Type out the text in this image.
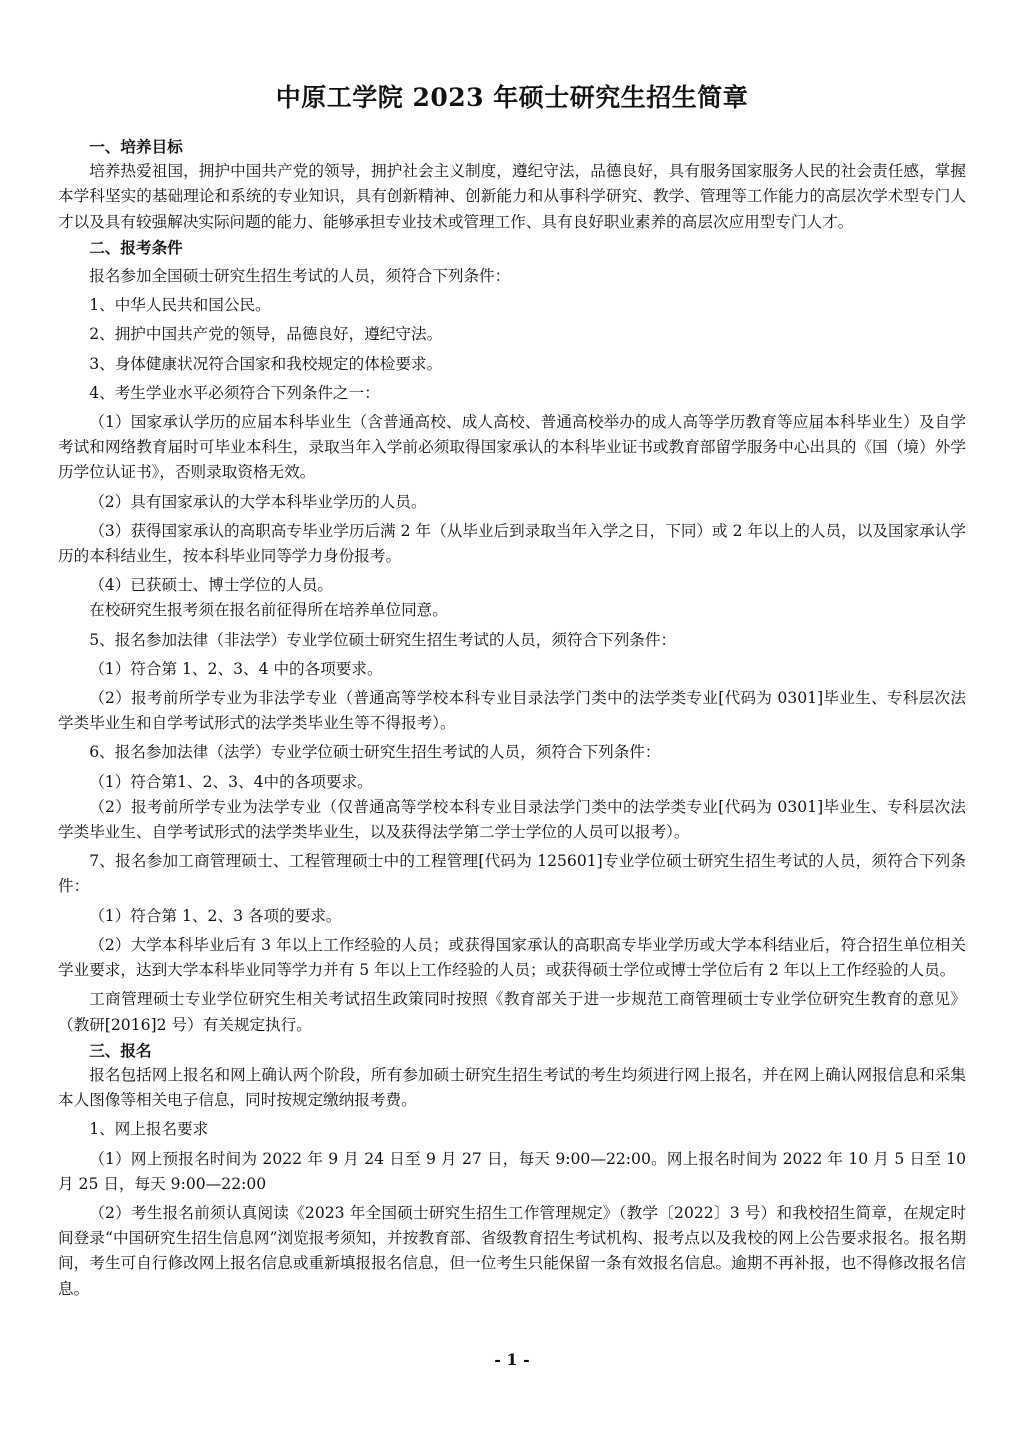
中原工学院 2023 年硕士研究生招生简章

一、培养目标

培养热爱祖国，拥护中国共产党的领导，拥护社会主义制度，遵纪守法，品德良好，具有服务国家服务人民的社会责任感，掌握本学科坚实的基础理论和系统的专业知识，具有创新精神、创新能力和从事科学研究、教学、管理等工作能力的高层次学术型专门人才以及具有较强解决实际问题的能力、能够承担专业技术或管理工作、具有良好职业素养的高层次应用型专门人才。

二、报考条件

报名参加全国硕士研究生招生考试的人员，须符合下列条件：

1、中华人民共和国公民。

2、拥护中国共产党的领导，品德良好，遵纪守法。

3、身体健康状况符合国家和我校规定的体检要求。

4、考生学业水平必须符合下列条件之一：

（1）国家承认学历的应届本科毕业生（含普通高校、成人高校、普通高校举办的成人高等学历教育等应届本科毕业生）及自学考试和网络教育届时可毕业本科生，录取当年入学前必须取得国家承认的本科毕业证书或教育部留学服务中心出具的《国（境）外学历学位认证书》，否则录取资格无效。

（2）具有国家承认的大学本科毕业学历的人员。

（3）获得国家承认的高职高专毕业学历后满 2 年（从毕业后到录取当年入学之日，下同）或 2 年以上的人员，以及国家承认学历的本科结业生，按本科毕业同等学力身份报考。

（4）已获硕士、博士学位的人员。

在校研究生报考须在报名前征得所在培养单位同意。

5、报名参加法律（非法学）专业学位硕士研究生招生考试的人员，须符合下列条件：

（1）符合第 1、2、3、4 中的各项要求。

（2）报考前所学专业为非法学专业（普通高等学校本科专业目录法学门类中的法学类专业[代码为 0301]毕业生、专科层次法学类毕业生和自学考试形式的法学类毕业生等不得报考）。

6、报名参加法律（法学）专业学位硕士研究生招生考试的人员，须符合下列条件：

（1）符合第1、2、3、4中的各项要求。

（2）报考前所学专业为法学专业（仅普通高等学校本科专业目录法学门类中的法学类专业[代码为 0301]毕业生、专科层次法学类毕业生、自学考试形式的法学类毕业生，以及获得法学第二学士学位的人员可以报考）。

7、报名参加工商管理硕士、工程管理硕士中的工程管理[代码为 125601]专业学位硕士研究生招生考试的人员，须符合下列条件：

（1）符合第 1、2、3 各项的要求。

（2）大学本科毕业后有 3 年以上工作经验的人员；或获得国家承认的高职高专毕业学历或大学本科结业后，符合招生单位相关学业要求，达到大学本科毕业同等学力并有 5 年以上工作经验的人员；或获得硕士学位或博士学位后有 2 年以上工作经验的人员。

工商管理硕士专业学位研究生相关考试招生政策同时按照《教育部关于进一步规范工商管理硕士专业学位研究生教育的意见》（教研[2016]2 号）有关规定执行。

三、报名

报名包括网上报名和网上确认两个阶段，所有参加硕士研究生招生考试的考生均须进行网上报名，并在网上确认网报信息和采集本人图像等相关电子信息，同时按规定缴纳报考费。

1、网上报名要求

（1）网上预报名时间为 2022 年 9 月 24 日至 9 月 27 日，每天 9:00—22:00。网上报名时间为 2022 年 10 月 5 日至 10 月 25 日，每天 9:00—22:00

（2）考生报名前须认真阅读《2023 年全国硕士研究生招生工作管理规定》（教学〔2022〕3 号）和我校招生简章，在规定时间登录“中国研究生招生信息网”浏览报考须知，并按教育部、省级教育招生考试机构、报考点以及我校的网上公告要求报名。报名期间，考生可自行修改网上报名信息或重新填报报名信息，但一位考生只能保留一条有效报名信息。逾期不再补报，也不得修改报名信息。

- 1 -
